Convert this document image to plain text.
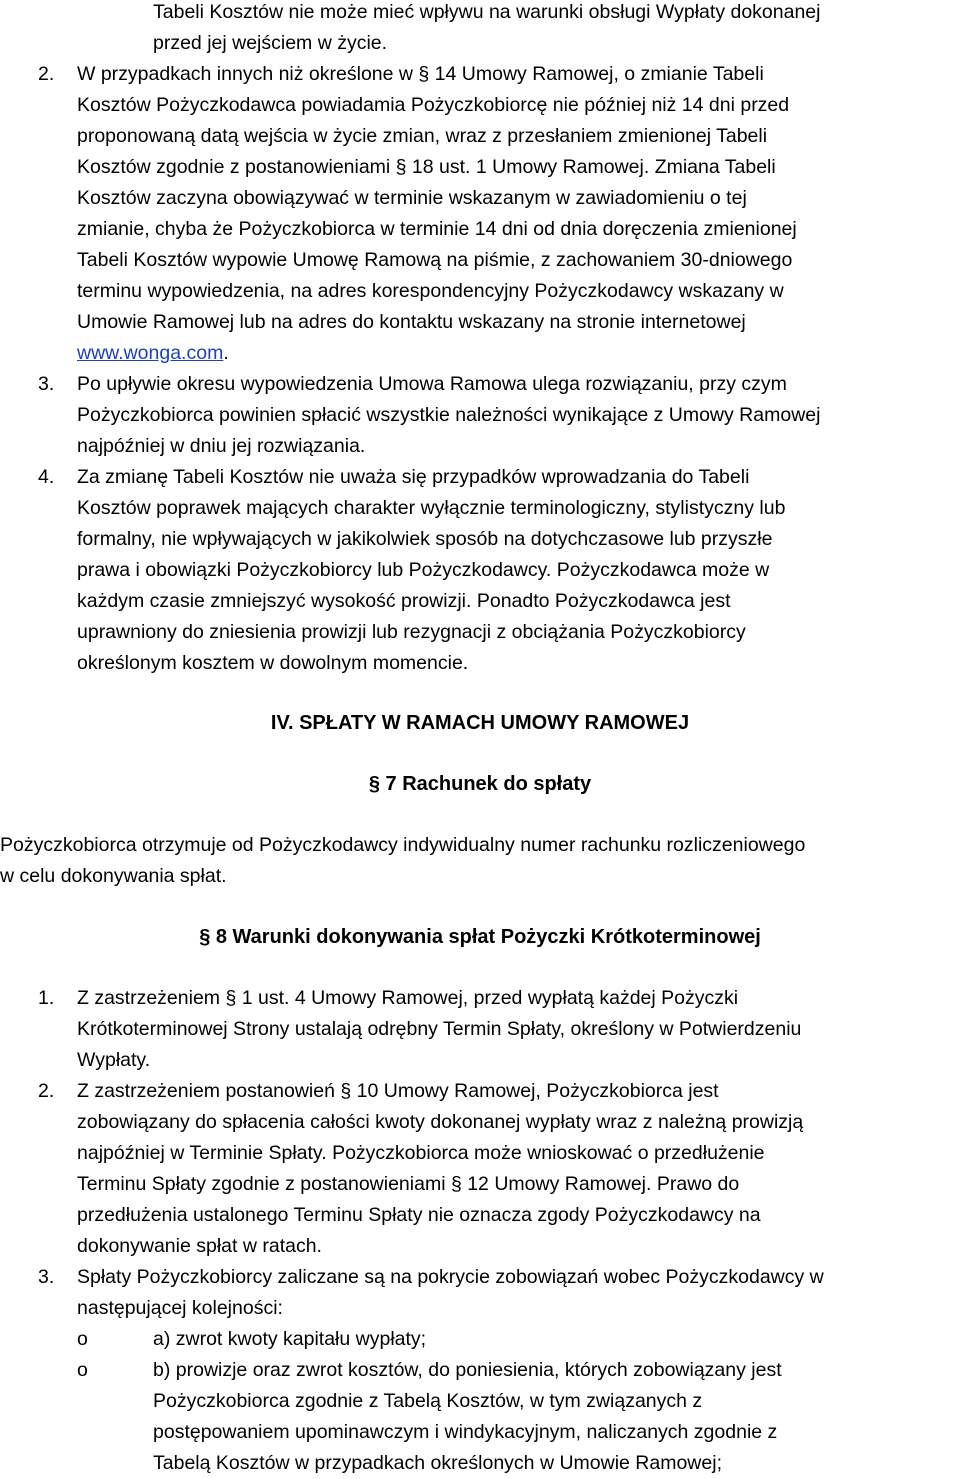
Tabeli Kosztów nie może mieć wpływu na warunki obsługi Wypłaty dokonanej
przed jej wejściem w życie.
2. W przypadkach innych niż określone w § 14 Umowy Ramowej, o zmianie Tabeli
Kosztów Pożyczkodawca powiadamia Pożyczkobiorcę nie później niż 14 dni przed
proponowaną datą wejścia w życie zmian, wraz z przesłaniem zmienionej Tabeli
Kosztów zgodnie z postanowieniami § 18 ust. 1 Umowy Ramowej. Zmiana Tabeli
Kosztów zaczyna obowiązywać w terminie wskazanym w zawiadomieniu o tej
zmianie, chyba że Pożyczkobiorca w terminie 14 dni od dnia doręczenia zmienionej
Tabeli Kosztów wypowie Umowę Ramową na piśmie, z zachowaniem 30-dniowego
terminu wypowiedzenia, na adres korespondencyjny Pożyczkodawcy wskazany w
Umowie Ramowej lub na adres do kontaktu wskazany na stronie internetowej
www.wonga.com.
3. Po upływie okresu wypowiedzenia Umowa Ramowa ulega rozwiązaniu, przy czym
Pożyczkobiorca powinien spłacić wszystkie należności wynikające z Umowy Ramowej
najpóźniej w dniu jej rozwiązania.
4. Za zmianę Tabeli Kosztów nie uważa się przypadków wprowadzania do Tabeli
Kosztów poprawek mających charakter wyłącznie terminologiczny, stylistyczny lub
formalny, nie wpływających w jakikolwiek sposób na dotychczasowe lub przyszłe
prawa i obowiązki Pożyczkobiorcy lub Pożyczkodawcy. Pożyczkodawca może w
każdym czasie zmniejszyć wysokość prowizji. Ponadto Pożyczkodawca jest
uprawniony do zniesienia prowizji lub rezygnacji z obciążania Pożyczkobiorcy
określonym kosztem w dowolnym momencie.
IV. SPŁATY W RAMACH UMOWY RAMOWEJ
§ 7 Rachunek do spłaty
Pożyczkobiorca otrzymuje od Pożyczkodawcy indywidualny numer rachunku rozliczeniowego
w celu dokonywania spłat.
§ 8 Warunki dokonywania spłat Pożyczki Krótkoterminowej
1. Z zastrzeżeniem § 1 ust. 4 Umowy Ramowej, przed wypłatą każdej Pożyczki
Krótkoterminowej Strony ustalają odrębny Termin Spłaty, określony w Potwierdzeniu
Wypłaty.
2. Z zastrzeżeniem postanowień § 10 Umowy Ramowej, Pożyczkobiorca jest
zobowiązany do spłacenia całości kwoty dokonanej wypłaty wraz z należną prowizją
najpóźniej w Terminie Spłaty. Pożyczkobiorca może wnioskować o przedłużenie
Terminu Spłaty zgodnie z postanowieniami § 12 Umowy Ramowej. Prawo do
przedłużenia ustalonego Terminu Spłaty nie oznacza zgody Pożyczkodawcy na
dokonywanie spłat w ratach.
3. Spłaty Pożyczkobiorcy zaliczane są na pokrycie zobowiązań wobec Pożyczkodawcy w
następującej kolejności:
o	a) zwrot kwoty kapitału wypłaty;
o	b) prowizje oraz zwrot kosztów, do poniesienia, których zobowiązany jest
Pożyczkobiorca zgodnie z Tabelą Kosztów, w tym związanych z
postępowaniem upominawczym i windykacyjnym, naliczanych zgodnie z
Tabelą Kosztów w przypadkach określonych w Umowie Ramowej;
